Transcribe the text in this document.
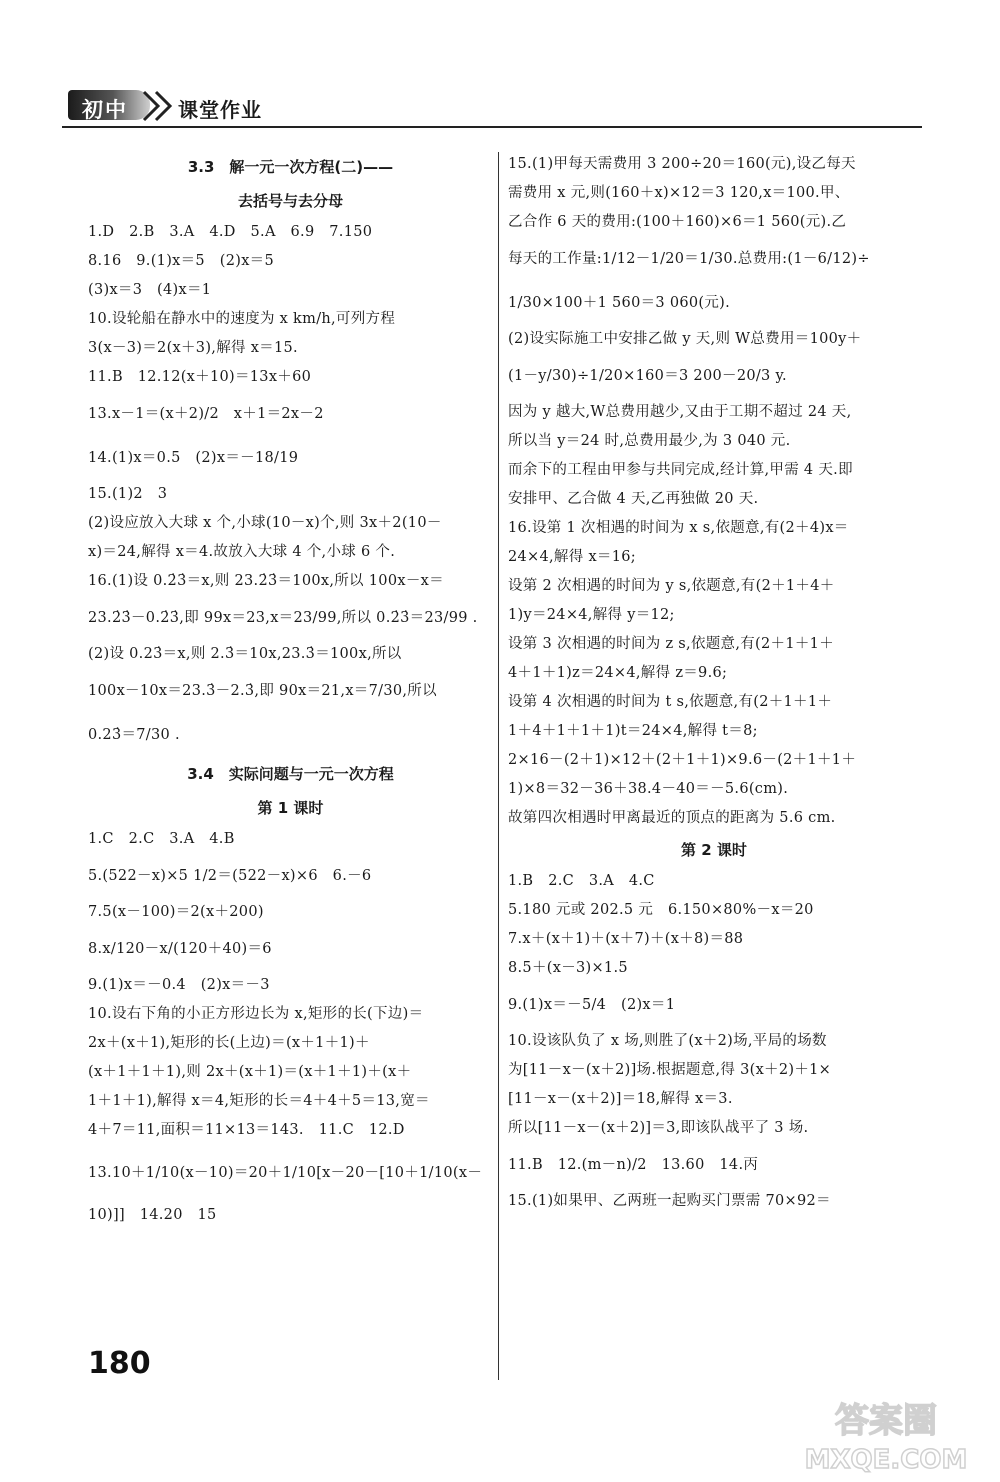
初中	课堂作业
3.3　解一元一次方程(二)——
去括号与去分母
1.D　2.B　3.A　4.D　5.A　6.9　7.150
8.16　9.(1)x＝5　(2)x＝5
(3)x＝3　(4)x＝1
10.设轮船在静水中的速度为 x km/h,可列方程
3(x－3)＝2(x＋3),解得 x＝15.
11.B　12.12(x＋10)＝13x＋60
13.x－1＝(x＋2)/2　x＋1＝2x－2
14.(1)x＝0.5　(2)x＝－18/19
15.(1)2　3
(2)设应放入大球 x 个,小球(10－x)个,则 3x＋2(10－
x)＝24,解得 x＝4.故放入大球 4 个,小球 6 个.
16.(1)设 0.2̇3̇＝x,则 23.2̇3̇＝100x,所以 100x－x＝
23.2̇3̇－0.2̇3̇,即 99x＝23,x＝23/99,所以 0.2̇3̇＝23/99 .
(2)设 0.23̇＝x,则 2.3̇＝10x,23.3̇＝100x,所以
100x－10x＝23.3̇－2.3̇,即 90x＝21,x＝7/30,所以
0.23̇＝7/30 .
3.4　实际问题与一元一次方程
第 1 课时
1.C　2.C　3.A　4.B
5.(522－x)×5 1/2＝(522－x)×6　6.－6
7.5(x－100)＝2(x＋200)
8.x/120－x/(120＋40)＝6
9.(1)x＝－0.4　(2)x＝－3
10.设右下角的小正方形边长为 x,矩形的长(下边)＝
2x＋(x＋1),矩形的长(上边)＝(x＋1＋1)＋
(x＋1＋1＋1),则 2x＋(x＋1)＝(x＋1＋1)＋(x＋
1＋1＋1),解得 x＝4,矩形的长＝4＋4＋5＝13,宽＝
4＋7＝11,面积＝11×13＝143.　11.C　12.D
13.10＋1/10(x－10)＝20＋1/10[x－20－[10＋1/10(x－
10)]]　14.20　15
15.(1)甲每天需费用 3 200÷20＝160(元),设乙每天
需费用 x 元,则(160＋x)×12＝3 120,x＝100.甲、
乙合作 6 天的费用:(100＋160)×6＝1 560(元).乙
每天的工作量:1/12－1/20＝1/30.总费用:(1－6/12)÷
1/30×100＋1 560＝3 060(元).
(2)设实际施工中安排乙做 y 天,则 W总费用＝100y＋
(1－y/30)÷1/20×160＝3 200－20/3 y.
因为 y 越大,W总费用越少,又由于工期不超过 24 天,
所以当 y＝24 时,总费用最少,为 3 040 元.
而余下的工程由甲参与共同完成,经计算,甲需 4 天.即
安排甲、乙合做 4 天,乙再独做 20 天.
16.设第 1 次相遇的时间为 x s,依题意,有(2＋4)x＝
24×4,解得 x＝16;
设第 2 次相遇的时间为 y s,依题意,有(2＋1＋4＋
1)y＝24×4,解得 y＝12;
设第 3 次相遇的时间为 z s,依题意,有(2＋1＋1＋
4＋1＋1)z＝24×4,解得 z＝9.6;
设第 4 次相遇的时间为 t s,依题意,有(2＋1＋1＋
1＋4＋1＋1＋1)t＝24×4,解得 t＝8;
2×16－(2＋1)×12＋(2＋1＋1)×9.6－(2＋1＋1＋
1)×8＝32－36＋38.4－40＝－5.6(cm).
故第四次相遇时甲离最近的顶点的距离为 5.6 cm.
第 2 课时
1.B　2.C　3.A　4.C
5.180 元或 202.5 元　6.150×80%－x＝20
7.x＋(x＋1)＋(x＋7)＋(x＋8)＝88
8.5＋(x－3)×1.5
9.(1)x＝－5/4　(2)x＝1
10.设该队负了 x 场,则胜了(x＋2)场,平局的场数
为[11－x－(x＋2)]场.根据题意,得 3(x＋2)＋1×
[11－x－(x＋2)]＝18,解得 x＝3.
所以[11－x－(x＋2)]＝3,即该队战平了 3 场.
11.B　12.(m－n)/2　13.60　14.丙
15.(1)如果甲、乙两班一起购买门票需 70×92＝
180
答案圈
MXQE.COM
